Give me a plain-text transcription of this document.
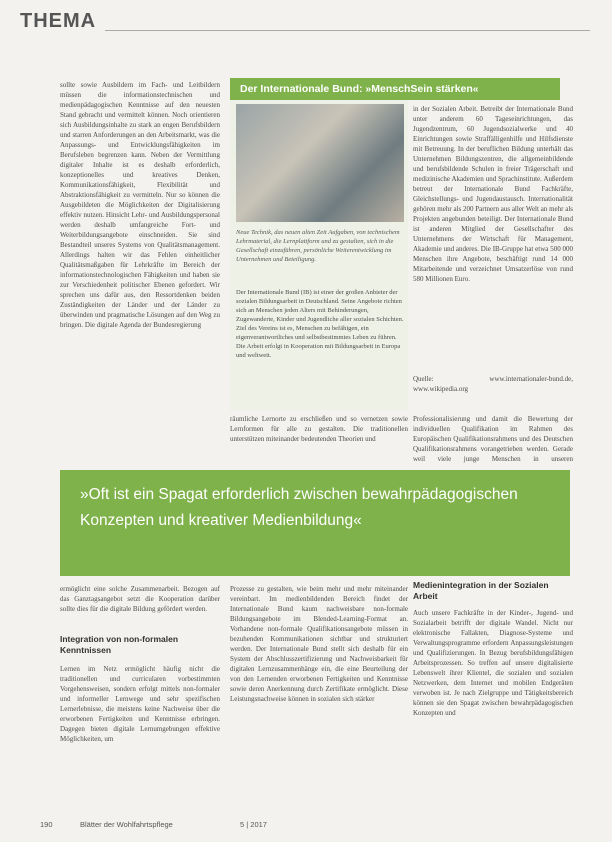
THEMA
sollte sowie Ausbildern im Fach- und Leitbildern müssen die informationstechnischen und medienpädagogischen Kenntnisse auf den neuesten Stand gebracht und vermittelt können. Noch orientieren sich Ausbildungsinhalte zu stark an engen Berufsbildern und starren Anforderungen an den Arbeitsmarkt, was die Anpassungs- und Entwicklungsfähigkeiten im Berufsleben begrenzen kann. Neben der Vermittlung digitaler Inhalte ist es deshalb erforderlich, konzeptionelles und kreatives Denken, Kommunikationsfähigkeit, Flexibilität und Abstraktionsfähigkeit zu vermitteln. Nur so können die Ausgebildeten die Möglichkeiten der Digitalisierung effektiv nutzen. Hinsicht Lehr- und Ausbildungspersonal werden deshalb umfangreiche Fort- und Weiterbildungsangebote einschneiden. Sie sind Bestandteil unseres Systems von Qualitätsmanagement. Allerdings halten wir das Fehlen einheitlicher Qualitätsmaßgaben für Lehrkräfte im Bereich der informationstechnologischen Fähigkeiten und haben sie zur Verschiedenheit politischer Ebenen gefordert. Wir sprechen uns dafür aus, den Ressortdenken beiden Zuständigkeiten der Länder und der Länder zu überwinden und pragmatische Lösungen auf den Weg zu bringen. Die digitale Agenda der Bundesregierung
Der Internationale Bund: »MenschSein stärken«
Neue Technik, das neuen alten Zeit Aufgaben, von technischem Lehrmaterial, die Lernplattform und zu gestalten, sich in die Gesellschaft einzuführen, persönliche Weiterentwicklung im Unternehmen und Beteiligung.
Der Internationale Bund (IB) ist einer der großen Anbieter der sozialen Bildungsarbeit in Deutschland. Seine Angebote richten sich an Menschen jeden Alters mit Behinderungen, Zugewanderte, Kinder und Jugendliche aller sozialen Schichten. Ziel des Vereins ist es, Menschen zu befähigen, ein eigenverantwortliches und selbstbestimmtes Leben zu führen. Die Arbeit erfolgt in Kooperation mit Bildungsarbeit in Europa und weltweit.
in der Sozialen Arbeit. Betreibt der Internationale Bund unter anderem 60 Tageseinrichtungen, das Jugendzentrum, 60 Jugendsozialwerke und 40 Einrichtungen sowie Straffälligenhilfe und Hilfsdienste mit Betreuung. In der beruflichen Bildung unterhält das Unternehmen Bildungszentren, die allgemeinbildende und berufsbildende Schulen in freier Trägerschaft und medizinische Akademien und Sprachinstitute. Außerdem betreut der Internationale Bund Fachkräfte, Gleichstellungs- und Jugendaustausch. Internationalität gehören mehr als 200 Partnern aus aller Welt an mehr als Projekten angebunden beteiligt. Der Internationale Bund ist anderen Mitglied der Gesellschafter des Unternehmens der Wirtschaft für Management, Akademie und anderes. Die IB-Gruppe hat etwa 500 000 Menschen ihre Angebote, beschäftigt rund 14 000 Mitarbeitende und verzeichnet Umsatzerlöse von rund 580 Millionen Euro.
Quelle: www.internationaler-bund.de, www.wikipedia.org
räumliche Lernorte zu erschließen und so vernetzen sowie Lernformen für alle zu gestalten. Die traditionellen unterstützen miteinander bedeutenden Theorien und
Professionalisierung und damit die Bewertung der individuellen Qualifikation im Rahmen des Europäischen Qualifikationsrahmens und des Deutschen Qualifikationsrahmens vorangetrieben werden. Gerade weil viele junge Menschen in unseren
»Oft ist ein Spagat erforderlich zwischen bewahrpädagogischen Konzepten und kreativer Medienbildung«
ermöglicht eine solche Zusammenarbeit. Bezogen auf das Ganztagsangebot setzt die Kooperation darüber sollte dies für die digitale Bildung gefördert werden.
Integration von non-formalen Kenntnissen
Lernen im Netz ermöglicht häufig nicht die traditionellen und curricularen vorbestimmten Vorgehensweisen, sondern erfolgt mittels non-formaler und informeller Lernwege und sehr spezifischen Lernerlebnisse, die meistens keine Nachweise über die erworbenen Fertigkeiten und Kenntnisse erbringen. Dagegen bieten digitale Lernumgebungen effektive Möglichkeiten, um
Prozesse zu gestalten, wie beim mehr und mehr miteinander vereinbart. Im medienbildenden Bereich findet der Internationale Bund kaum nachweisbare non-formale Bildungsangebote im Blended-Learning-Format an. Vorhandene non-formale Qualifikationsangebote müssen in bezuhenden Kommunikationen sichtbar und strukturiert werden. Der Internationale Bund stellt sich deshalb für ein System der Abschlusszertifizierung und Nachweisbarkeit für digitalen Lernzusammenhänge ein, die eine Beurteilung der von den Lernenden erworbenen Fertigkeiten und Kenntnisse sowie deren Anerkennung durch Zertifikate ermöglicht. Diese Leistungsnachweise können in sozialen sich stärker
Medienintegration in der Sozialen Arbeit
Auch unsere Fachkräfte in der Kinder-, Jugend- und Sozialarbeit betrifft der digitale Wandel. Nicht nur elektronische Fallakten, Diagnose-Systeme und Verwaltungsprogramme erfordern Anpassungsleistungen und Qualifizierungen. In Bezug berufsbildungsfähigen Arbeitsprozessen. So treffen auf unsere digitalisierte Lebenswelt ihrer Klientel, die sozialen und sozialen Netzwerken, dem Internet und mobilen Endgeräten verwoben ist. Je nach Zielgruppe und Tätigkeitsbereich können sie den Spagat zwischen bewahrpädagogischen Konzepten und
190	Blätter der Wohlfahrtspflege	5 | 2017
